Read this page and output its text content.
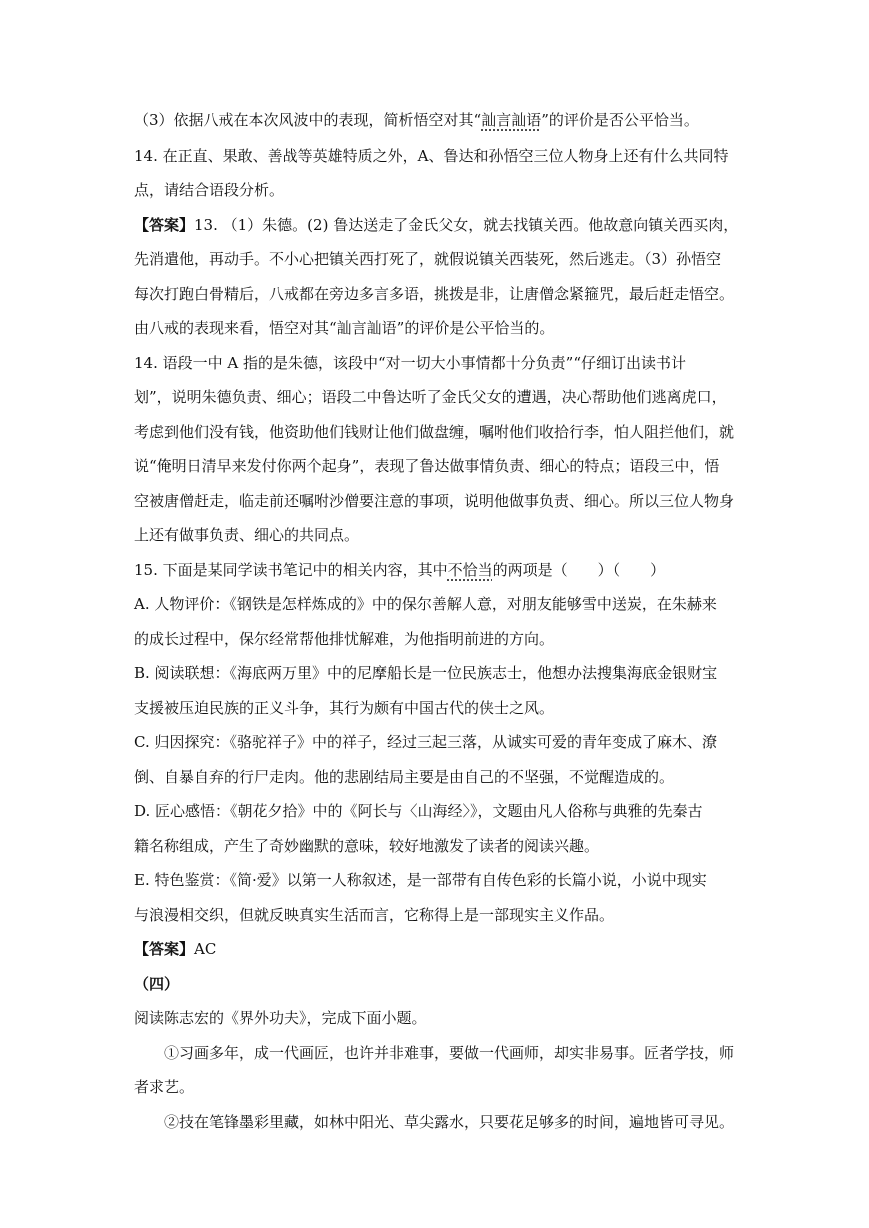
（3）依据八戒在本次风波中的表现，简析悟空对其“訕言訕语”的评价是否公平恰当。
14. 在正直、果敢、善战等英雄特质之外，A、鲁达和孙悟空三位人物身上还有什么共同特
点，请结合语段分析。
【答案】13. （1）朱德。(2) 鲁达送走了金氏父女，就去找镇关西。他故意向镇关西买肉，
先消遣他，再动手。不小心把镇关西打死了，就假说镇关西装死，然后逃走。（3）孙悟空
每次打跑白骨精后，八戒都在旁边多言多语，挑拨是非，让唐僧念紧箍咒，最后赶走悟空。
由八戒的表现来看，悟空对其“訕言訕语”的评价是公平恰当的。
14. 语段一中 A 指的是朱德，该段中“对一切大小事情都十分负责”“仔细订出读书计
划”，说明朱德负责、细心；语段二中鲁达听了金氏父女的遭遇，决心帮助他们逃离虎口，
考虑到他们没有钱，他资助他们钱财让他们做盘缠，嘱咐他们收拾行李，怕人阻拦他们，就
说“俺明日清早来发付你两个起身”，表现了鲁达做事情负责、细心的特点；语段三中，悟
空被唐僧赶走，临走前还嘱咐沙僧要注意的事项，说明他做事负责、细心。所以三位人物身
上还有做事负责、细心的共同点。
15. 下面是某同学读书笔记中的相关内容，其中不恰当的两项是（　　）（　　）
A. 人物评价：《钢铁是怎样炼成的》中的保尔善解人意，对朋友能够雪中送炭，在朱赫来
的成长过程中，保尔经常帮他排忧解难，为他指明前进的方向。
B. 阅读联想：《海底两万里》中的尼摩船长是一位民族志士，他想办法搜集海底金银财宝
支援被压迫民族的正义斗争，其行为颇有中国古代的侠士之风。
C. 归因探究：《骆驼祥子》中的祥子，经过三起三落，从诚实可爱的青年变成了麻木、潦
倒、自暴自弃的行尸走肉。他的悲剧结局主要是由自己的不坚强，不觉醒造成的。
D. 匠心感悟：《朝花夕拾》中的《阿长与〈山海经〉》，文题由凡人俗称与典雅的先秦古
籍名称组成，产生了奇妙幽默的意味，较好地激发了读者的阅读兴趣。
E. 特色鉴赏：《简·爱》以第一人称叙述，是一部带有自传色彩的长篇小说，小说中现实
与浪漫相交织，但就反映真实生活而言，它称得上是一部现实主义作品。
【答案】AC
（四）
阅读陈志宏的《界外功夫》，完成下面小题。
①习画多年，成一代画匠，也许并非难事，要做一代画师，却实非易事。匠者学技，师
者求艺。
②技在笔锋墨彩里藏，如林中阳光、草尖露水，只要花足够多的时间，遍地皆可寻见。
